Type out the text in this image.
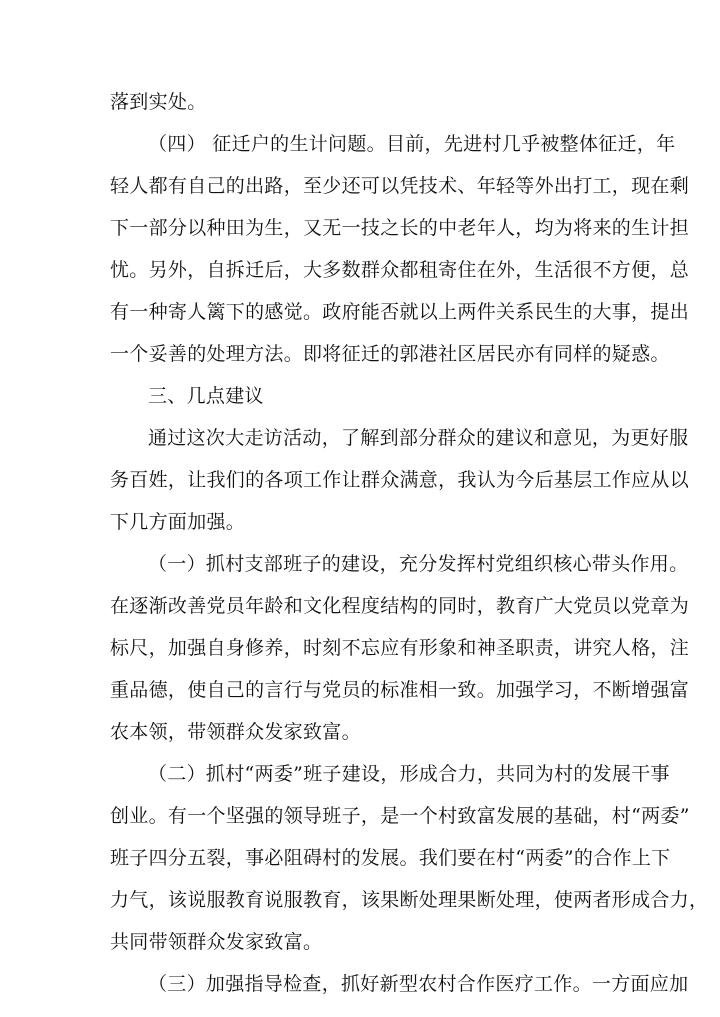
落到实处。
（四） 征迁户的生计问题。目前，先进村几乎被整体征迁，年
轻人都有自己的出路，至少还可以凭技术、年轻等外出打工，现在剩
下一部分以种田为生，又无一技之长的中老年人，均为将来的生计担
忧。另外，自拆迁后，大多数群众都租寄住在外，生活很不方便，总
有一种寄人篱下的感觉。政府能否就以上两件关系民生的大事，提出
一个妥善的处理方法。即将征迁的郭港社区居民亦有同样的疑惑。
三、几点建议
通过这次大走访活动，了解到部分群众的建议和意见，为更好服
务百姓，让我们的各项工作让群众满意，我认为今后基层工作应从以
下几方面加强。
（一）抓村支部班子的建设，充分发挥村党组织核心带头作用。
在逐渐改善党员年龄和文化程度结构的同时，教育广大党员以党章为
标尺，加强自身修养，时刻不忘应有形象和神圣职责，讲究人格，注
重品德，使自己的言行与党员的标准相一致。加强学习，不断增强富
农本领，带领群众发家致富。
（二）抓村“两委”班子建设，形成合力，共同为村的发展干事
创业。有一个坚强的领导班子，是一个村致富发展的基础，村“两委”
班子四分五裂，事必阻碍村的发展。我们要在村“两委”的合作上下
力气，该说服教育说服教育，该果断处理果断处理，使两者形成合力，
共同带领群众发家致富。
（三）加强指导检查，抓好新型农村合作医疗工作。一方面应加
